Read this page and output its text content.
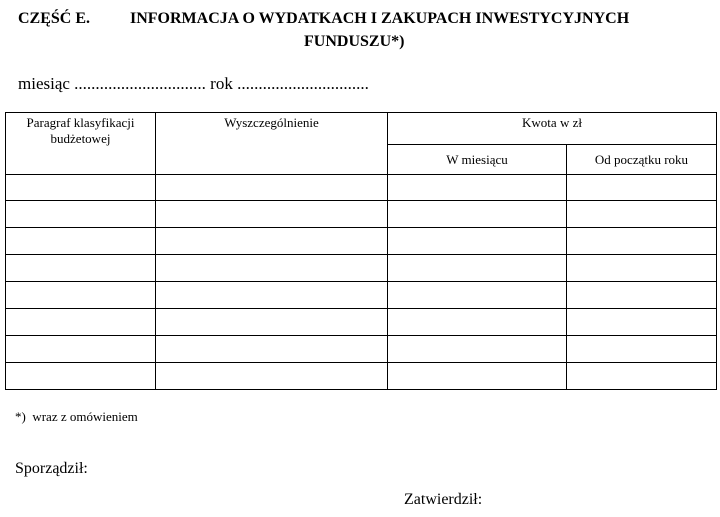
CZĘŚĆ E.	INFORMACJA O WYDATKACH I ZAKUPACH INWESTYCYJNYCH
FUNDUSZU*)
miesiąc ............................... rok ...............................
Paragraf klasyfikacji budżetowej	Wyszczególnienie	Kwota w zł	
		W miesiącu	Od początku roku

*) wraz z omówieniem
Sporządził:
Zatwierdził:
